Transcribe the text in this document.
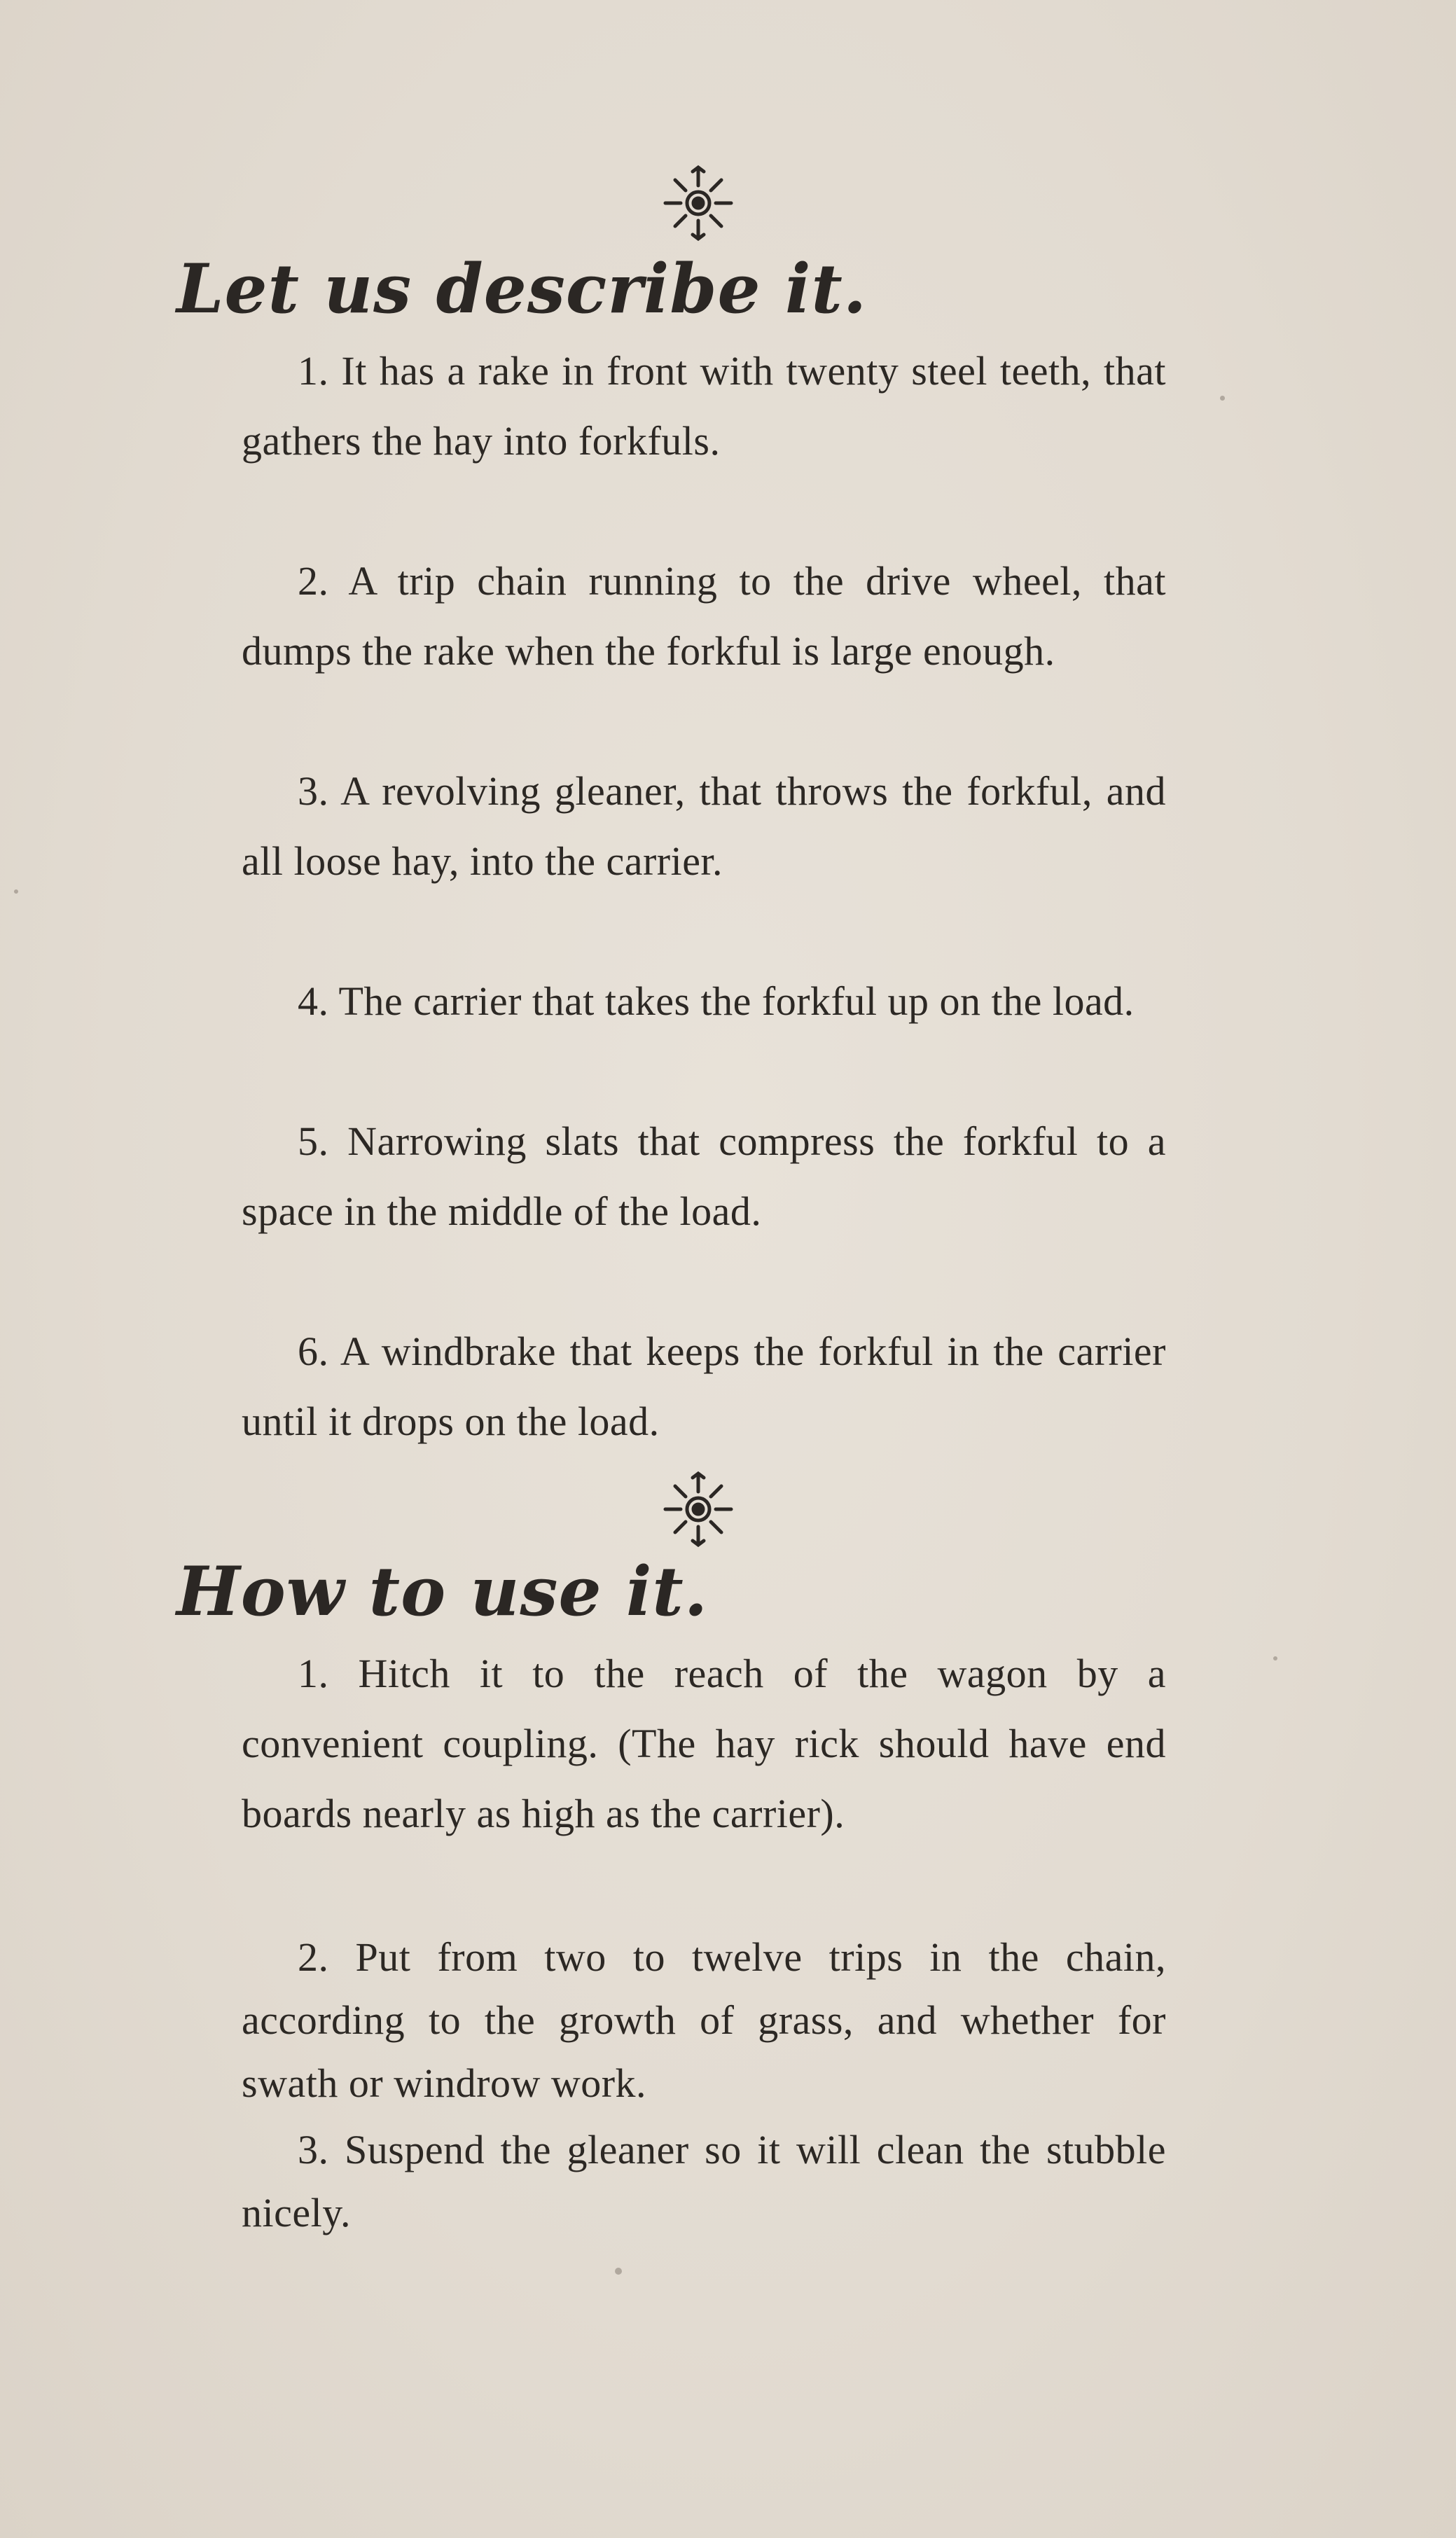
Let us describe it.

1. It has a rake in front with twenty steel teeth, that gathers the hay into forkfuls.

2. A trip chain running to the drive wheel, that dumps the rake when the forkful is large enough.

3. A revolving gleaner, that throws the forkful, and all loose hay, into the carrier.

4. The carrier that takes the forkful up on the load.

5. Narrowing slats that compress the forkful to a space in the middle of the load.

6. A windbrake that keeps the forkful in the carrier until it drops on the load.

How to use it.

1. Hitch it to the reach of the wagon by a convenient coupling. (The hay rick should have end boards nearly as high as the carrier).

2. Put from two to twelve trips in the chain, according to the growth of grass, and whether for swath or windrow work.

3. Suspend the gleaner so it will clean the stubble nicely.
